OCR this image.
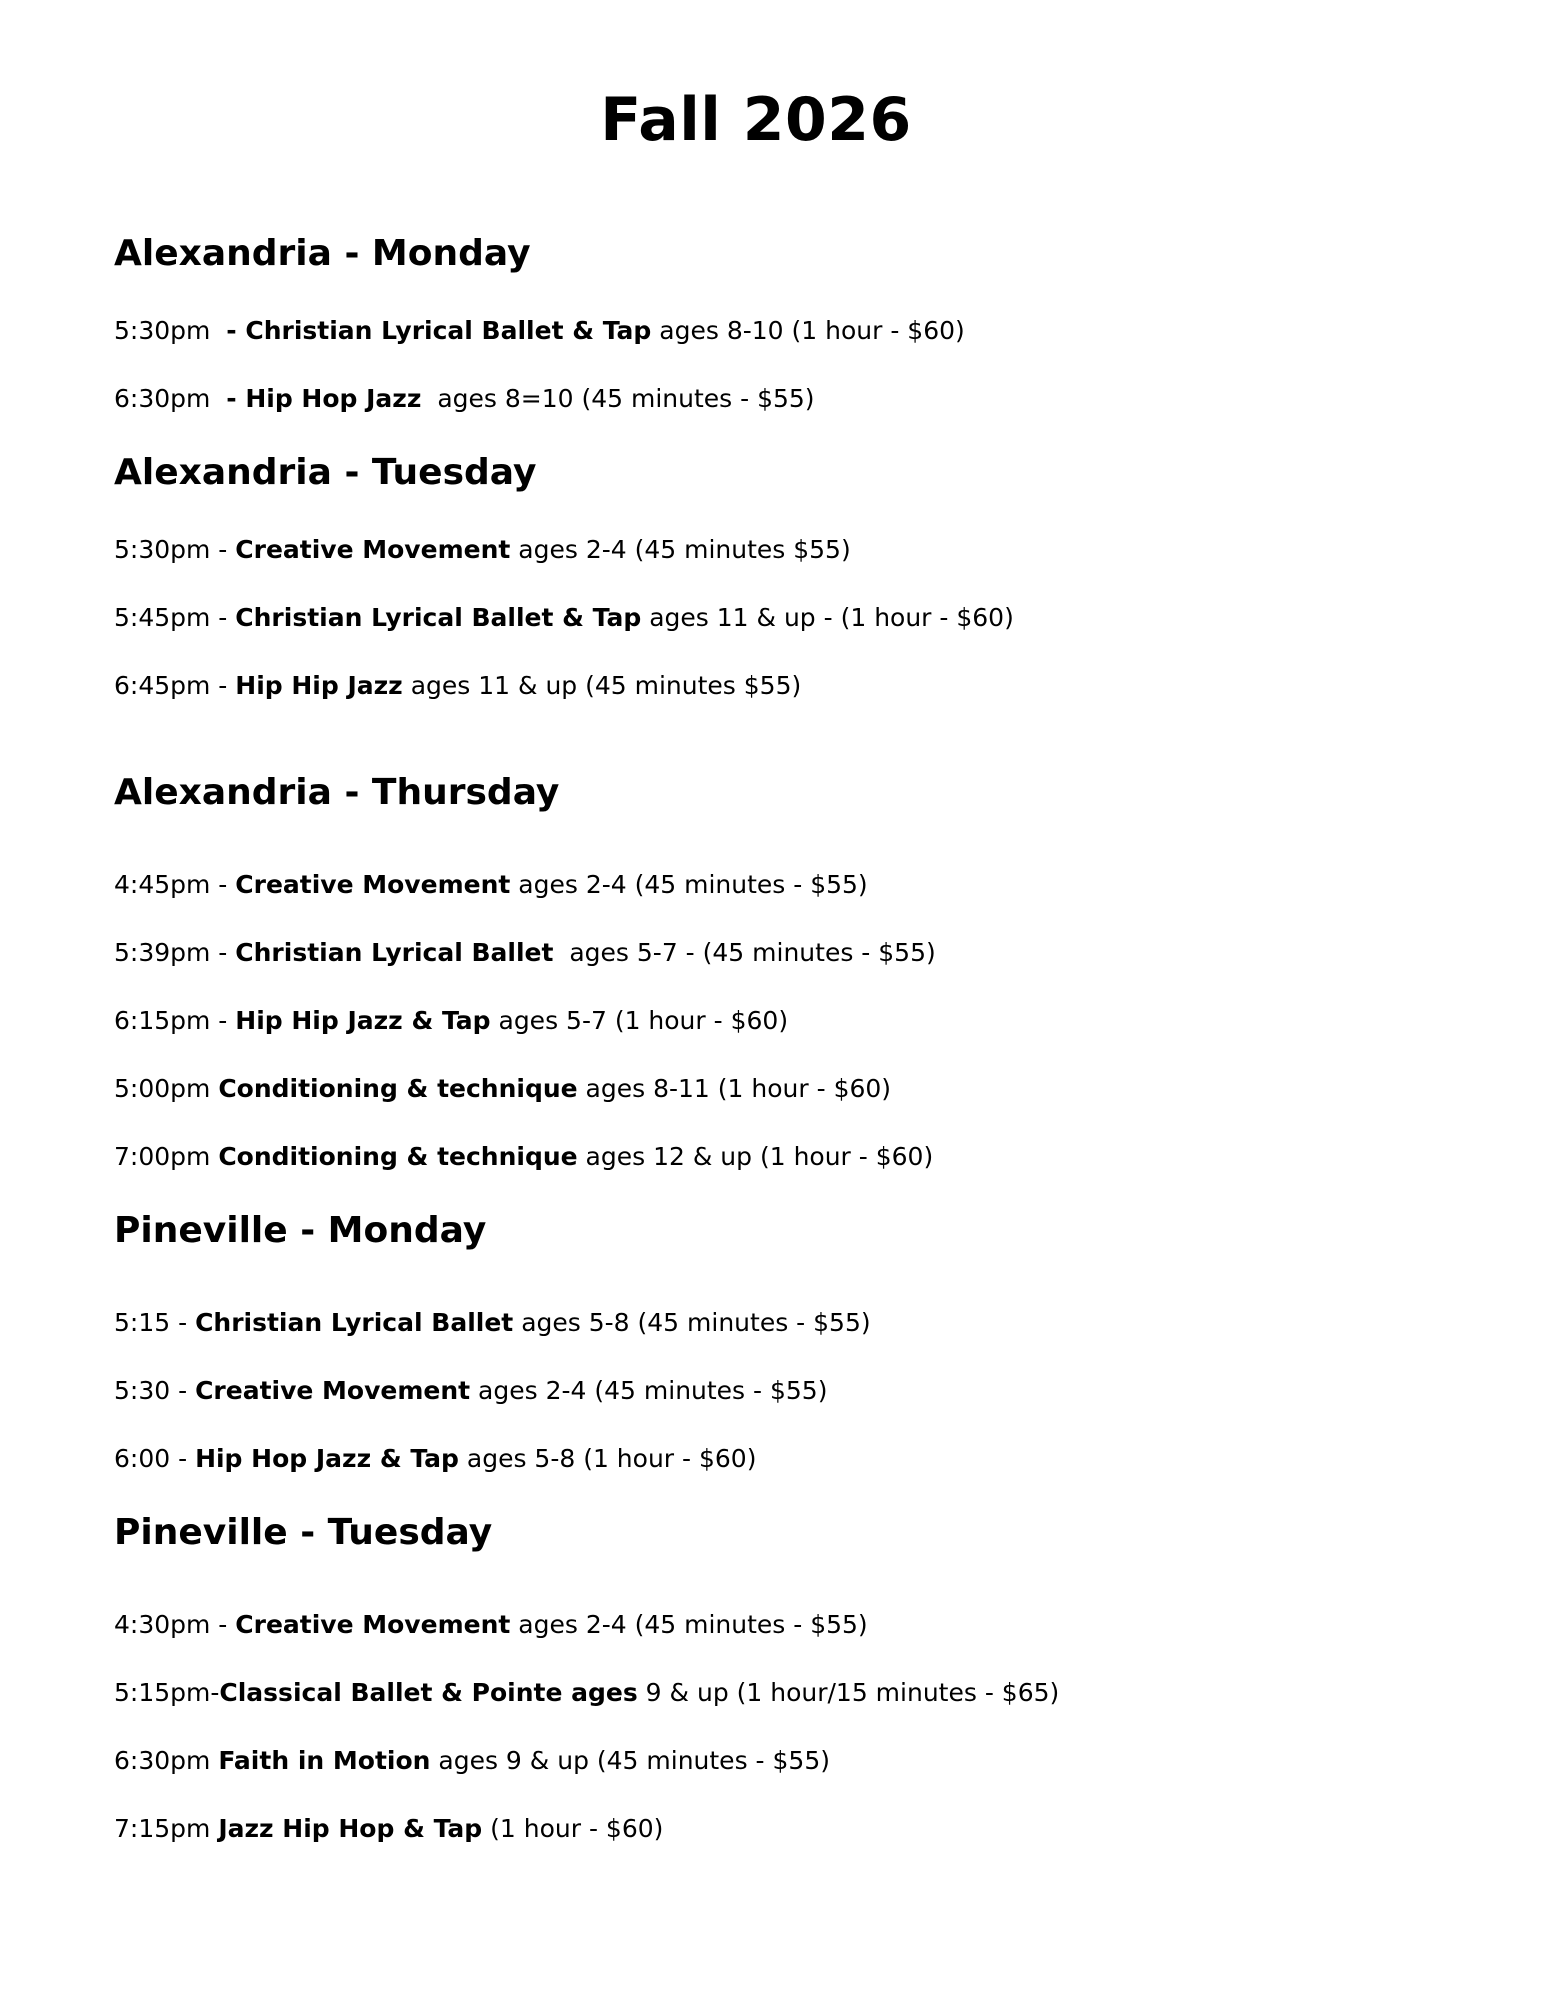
Fall 2026
Alexandria - Monday

5:30pm  - Christian Lyrical Ballet & Tap ages 8-10 (1 hour - $60)

6:30pm  - Hip Hop Jazz  ages 8=10 (45 minutes - $55)

Alexandria - Tuesday

5:30pm - Creative Movement ages 2-4 (45 minutes $55)

5:45pm - Christian Lyrical Ballet & Tap ages 11 & up - (1 hour - $60)

6:45pm - Hip Hip Jazz ages 11 & up (45 minutes $55)

Alexandria - Thursday

4:45pm - Creative Movement ages 2-4 (45 minutes - $55)

5:39pm - Christian Lyrical Ballet  ages 5-7 - (45 minutes - $55)

6:15pm - Hip Hip Jazz & Tap ages 5-7 (1 hour - $60)

5:00pm Conditioning & technique ages 8-11 (1 hour - $60)

7:00pm Conditioning & technique ages 12 & up (1 hour - $60)

Pineville - Monday

5:15 - Christian Lyrical Ballet ages 5-8 (45 minutes - $55)

5:30 - Creative Movement ages 2-4 (45 minutes - $55)

6:00 - Hip Hop Jazz & Tap ages 5-8 (1 hour - $60)

Pineville - Tuesday

4:30pm - Creative Movement ages 2-4 (45 minutes - $55)

5:15pm-Classical Ballet & Pointe ages 9 & up (1 hour/15 minutes - $65)

6:30pm Faith in Motion ages 9 & up (45 minutes - $55)

7:15pm Jazz Hip Hop & Tap (1 hour - $60)
